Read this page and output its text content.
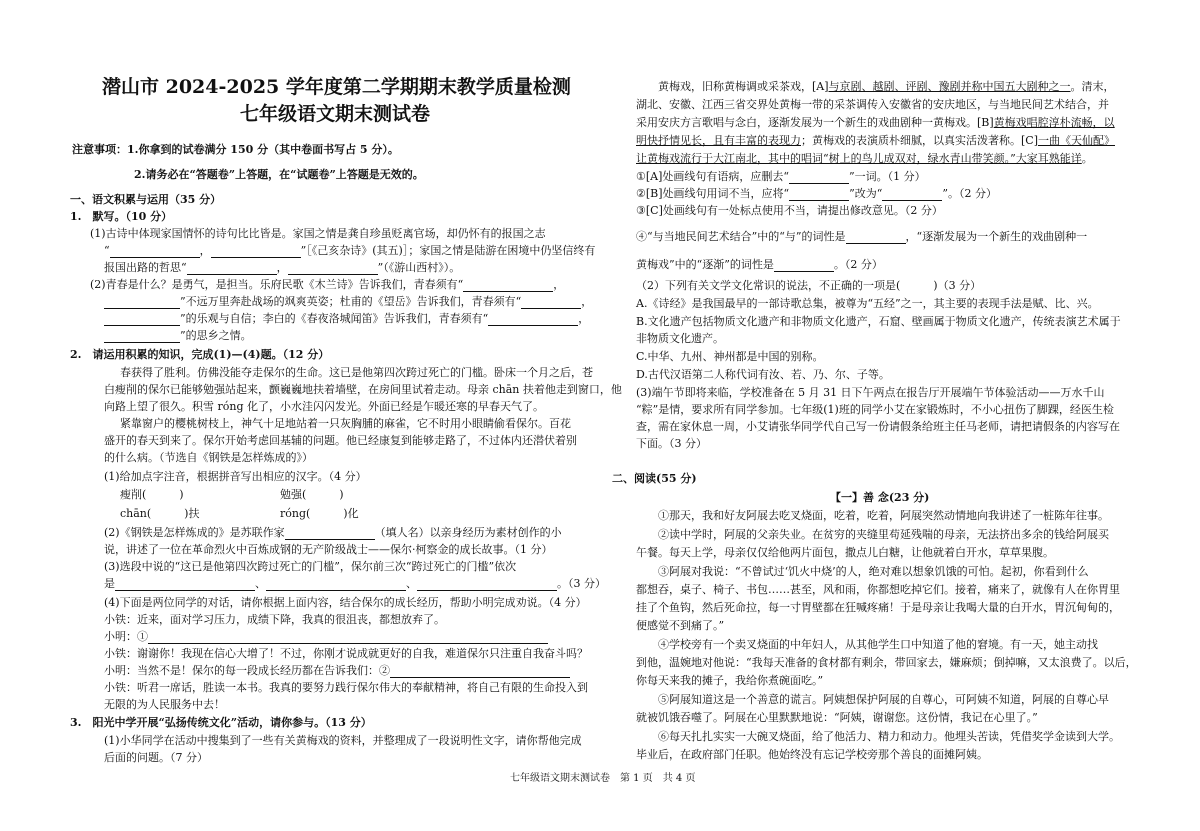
潜山市 2024-2025 学年度第二学期期末教学质量检测
七年级语文期末测试卷
注意事项：1.你拿到的试卷满分 150 分（其中卷面书写占 5 分）。
2.请务必在“答题卷”上答题，在“试题卷”上答题是无效的。
一、语文积累与运用（35 分）
1.　默写。（10 分）
(1)古诗中体现家国情怀的诗句比比皆是。家国之情是龚自珍虽贬离官场，却仍怀有的报国之志
“	，	”［《己亥杂诗》(其五)］；家国之情是陆游在困境中仍坚信终有
报国出路的哲思“	，	”（《游山西村》）。
(2)青春是什么？是勇气，是担当。乐府民歌《木兰诗》告诉我们，青春须有“	，
”不远万里奔赴战场的飒爽英姿；杜甫的《望岳》告诉我们，青春须有“	，
”的乐观与自信；李白的《春夜洛城闻笛》告诉我们，青春须有“	，
”的思乡之情。
2.　请运用积累的知识，完成(1)—(4)题。（12 分）
春获得了胜利。仿佛没能夺走保尔的生命。这已是他第四次跨过死亡的门槛。卧床一个月之后，苍
白瘦削的保尔已能够勉强站起来，颤巍巍地扶着墙壁，在房间里试着走动。母亲 chān 扶着他走到窗口，他
向路上望了很久。积雪 róng 化了，小水洼闪闪发光。外面已经是乍暖还寒的早春天气了。
紧靠窗户的樱桃树枝上，神气十足地站着一只灰胸脯的麻雀，它不时用小眼睛偷看保尔。百花
盛开的春天到来了。保尔开始考虑回基辅的问题。他已经康复到能够走路了，不过体内还潜伏着别
的什么病。（节选自《钢铁是怎样炼成的》）
(1)给加点字注音，根据拼音写出相应的汉字。（4 分）
瘦削(　　　)	勉强(　　　)
chān(　　　)扶	róng(　　　)化
(2)《钢铁是怎样炼成的》是苏联作家	（填人名）以亲身经历为素材创作的小
说，讲述了一位在革命烈火中百炼成钢的无产阶级战士——保尔·柯察金的成长故事。（1 分）
(3)选段中说的“这已是他第四次跨过死亡的门槛”，保尔前三次“跨过死亡的门槛”依次
是	、	、	。（3 分）
(4)下面是两位同学的对话，请你根据上面内容，结合保尔的成长经历，帮助小明完成劝说。（4 分）
小铁：近来，面对学习压力，成绩下降，我真的很沮丧，都想放弃了。
小明：①
小铁：谢谢你！我现在信心大增了！不过，你刚才说成就更好的自我，难道保尔只注重自我奋斗吗？
小明：当然不是！保尔的每一段成长经历都在告诉我们：②
小铁：听君一席话，胜读一本书。我真的要努力践行保尔伟大的奉献精神，将自己有限的生命投入到
无限的为人民服务中去！
3.　阳光中学开展“弘扬传统文化”活动，请你参与。（13 分）
(1)小华同学在活动中搜集到了一些有关黄梅戏的资料，并整理成了一段说明性文字，请你帮他完成
后面的问题。（7 分）
黄梅戏，旧称黄梅调或采茶戏，[A]与京剧、越剧、评剧、豫剧并称中国五大剧种之一。清末，
湖北、安徽、江西三省交界处黄梅一带的采茶调传入安徽省的安庆地区，与当地民间艺术结合，并
采用安庆方言歌唱与念白，逐渐发展为一个新生的戏曲剧种一黄梅戏。[B]黄梅戏唱腔淳朴流畅，以
明快抒情见长，且有丰富的表现力；黄梅戏的表演质朴细腻，以真实活泼著称。[C]一曲《天仙配》
让黄梅戏流行于大江南北，其中的唱词“树上的鸟儿成双对，绿水青山带笑颜。”大家耳熟能详。
①[A]处画线句有语病，应删去“	”一词。（1 分）
②[B]处画线句用词不当，应将“	”改为“	”。（2 分）
③[C]处画线句有一处标点使用不当，请提出修改意见。（2 分）
④“与当地民间艺术结合”中的“与”的词性是	，“逐渐发展为一个新生的戏曲剧种一
黄梅戏”中的“逐渐”的词性是	。（2 分）
（2）下列有关文学文化常识的说法，不正确的一项是(　　　)（3 分）
A.《诗经》是我国最早的一部诗歌总集，被尊为“五经”之一，其主要的表现手法是赋、比、兴。
B.文化遗产包括物质文化遗产和非物质文化遗产，石窟、壁画属于物质文化遗产，传统表演艺术属于
非物质文化遗产。
C.中华、九州、神州都是中国的别称。
D.古代汉语第二人称代词有汝、若、乃、尔、子等。
(3)端午节即将来临，学校准备在 5 月 31 日下午两点在报告厅开展端午节体验活动——万水千山
“粽”是情，要求所有同学参加。七年级(1)班的同学小艾在家锻炼时，不小心扭伤了脚踝，经医生检
查，需在家休息一周，小艾请张华同学代自己写一份请假条给班主任马老师，请把请假条的内容写在
下面。（3 分）
二、阅读(55 分)
【一】善 念(23 分)
①那天，我和好友阿展去吃叉烧面，吃着，吃着，阿展突然动情地向我讲述了一桩陈年往事。
②读中学时，阿展的父亲失业。在贫穷的夹缝里苟延残喘的母亲，无法挤出多余的钱给阿展买
午餐。每天上学，母亲仅仅给他两片面包，撒点儿白糖，让他就着白开水，草草果腹。
③阿展对我说：“不曾试过‘饥火中烧’的人，绝对难以想象饥饿的可怕。起初，你看到什么
都想吞，桌子、椅子、书包……甚至，风和雨，你都想吃掉它们。接着，痛来了，就像有人在你胃里
挂了个鱼钩，然后死命拉，每一寸胃壁都在狂喊疼痛！于是母亲让我喝大量的白开水，胃沉甸甸的，
便感觉不到痛了。”
④学校旁有一个卖叉烧面的中年妇人，从其他学生口中知道了他的窘境。有一天，她主动找
到他，温婉地对他说：“我每天准备的食材都有剩余，带回家去，嫌麻烦；倒掉嘛，又太浪费了。以后，
你每天来我的摊子，我给你煮碗面吃。”
⑤阿展知道这是一个善意的谎言。阿姨想保护阿展的自尊心，可阿姨不知道，阿展的自尊心早
就被饥饿吞噬了。阿展在心里默默地说：“阿姨，谢谢您。这份情，我记在心里了。”
⑥每天扎扎实实一大碗叉烧面，给了他活力、精力和动力。他埋头苦读，凭借奖学金读到大学。
毕业后，在政府部门任职。他始终没有忘记学校旁那个善良的面摊阿姨。
七年级语文期末测试卷　第 1 页　共 4 页
